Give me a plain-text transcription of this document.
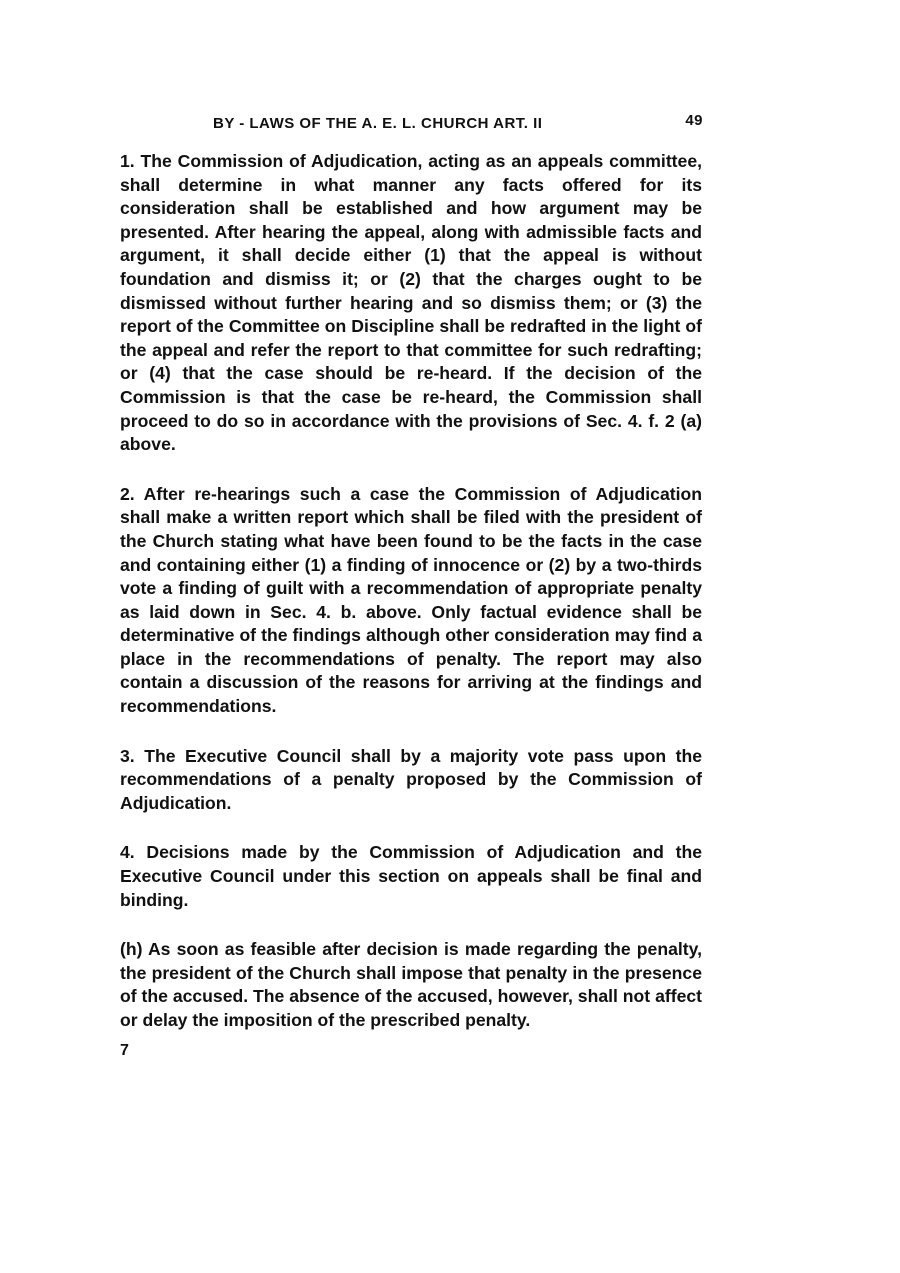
BY - LAWS OF THE A. E. L. CHURCH ART. II	49

1. The Commission of Adjudication, acting as an appeals committee, shall determine in what manner any facts offered for its consideration shall be established and how argument may be presented. After hearing the appeal, along with admissible facts and argument, it shall decide either (1) that the appeal is without foundation and dismiss it; or (2) that the charges ought to be dismissed without further hearing and so dismiss them; or (3) the report of the Committee on Discipline shall be redrafted in the light of the appeal and refer the report to that committee for such redrafting; or (4) that the case should be re-heard. If the decision of the Commission is that the case be re-heard, the Commission shall proceed to do so in accordance with the provisions of Sec. 4. f. 2 (a) above.

2. After re-hearings such a case the Commission of Adjudication shall make a written report which shall be filed with the president of the Church stating what have been found to be the facts in the case and containing either (1) a finding of innocence or (2) by a two-thirds vote a finding of guilt with a recommendation of appropriate penalty as laid down in Sec. 4. b. above. Only factual evidence shall be determinative of the findings although other consideration may find a place in the recommendations of penalty. The report may also contain a discussion of the reasons for arriving at the findings and recommendations.

3. The Executive Council shall by a majority vote pass upon the recommendations of a penalty proposed by the Commission of Adjudication.

4. Decisions made by the Commission of Adjudication and the Executive Council under this section on appeals shall be final and binding.

(h) As soon as feasible after decision is made regarding the penalty, the president of the Church shall impose that penalty in the presence of the accused. The absence of the accused, however, shall not affect or delay the imposition of the prescribed penalty.

7
